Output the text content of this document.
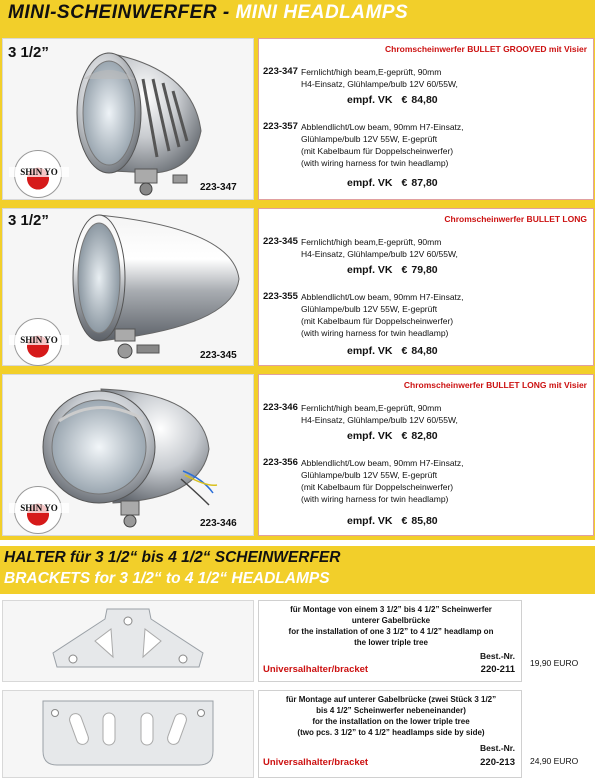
MINI-SCHEINWERFER - MINI HEADLAMPS
3 1/2”
SHIN YO
223-347
Chromscheinwerfer BULLET GROOVED mit Visier
223-347 Fernlicht/high beam,E-geprüft, 90mm
H4-Einsatz, Glühlampe/bulb 12V 60/55W,
empf. VK € 84,80
223-357 Abblendlicht/Low beam, 90mm H7-Einsatz,
Glühlampe/bulb 12V 55W, E-geprüft
(mit Kabelbaum für Doppelscheinwerfer)
(with wiring harness for twin headlamp)
empf. VK € 87,80
3 1/2”
SHIN YO
223-345
Chromscheinwerfer BULLET LONG
223-345 Fernlicht/high beam,E-geprüft, 90mm
H4-Einsatz, Glühlampe/bulb 12V 60/55W,
empf. VK € 79,80
223-355 Abblendlicht/Low beam, 90mm H7-Einsatz,
Glühlampe/bulb 12V 55W, E-geprüft
(mit Kabelbaum für Doppelscheinwerfer)
(with wiring harness for twin headlamp)
empf. VK € 84,80
SHIN YO
223-346
Chromscheinwerfer BULLET LONG mit Visier
223-346 Fernlicht/high beam,E-geprüft, 90mm
H4-Einsatz, Glühlampe/bulb 12V 60/55W,
empf. VK € 82,80
223-356 Abblendlicht/Low beam, 90mm H7-Einsatz,
Glühlampe/bulb 12V 55W, E-geprüft
(mit Kabelbaum für Doppelscheinwerfer)
(with wiring harness for twin headlamp)
empf. VK € 85,80
HALTER für 3 1/2“ bis 4 1/2“ SCHEINWERFER
BRACKETS for 3 1/2“ to 4 1/2“ HEADLAMPS
für Montage von einem 3 1/2” bis 4 1/2” Scheinwerfer
unterer Gabelbrücke
for the installation of one 3 1/2” to 4 1/2” headlamp on
the lower triple tree
Best.-Nr.
Universalhalter/bracket	220-211
19,90 EURO
für Montage auf unterer Gabelbrücke (zwei Stück 3 1/2”
bis 4 1/2” Scheinwerfer nebeneinander)
for the installation on the lower triple tree
(two pcs. 3 1/2” to 4 1/2” headlamps side by side)
Best.-Nr.
Universalhalter/bracket	220-213 24,90 EURO
